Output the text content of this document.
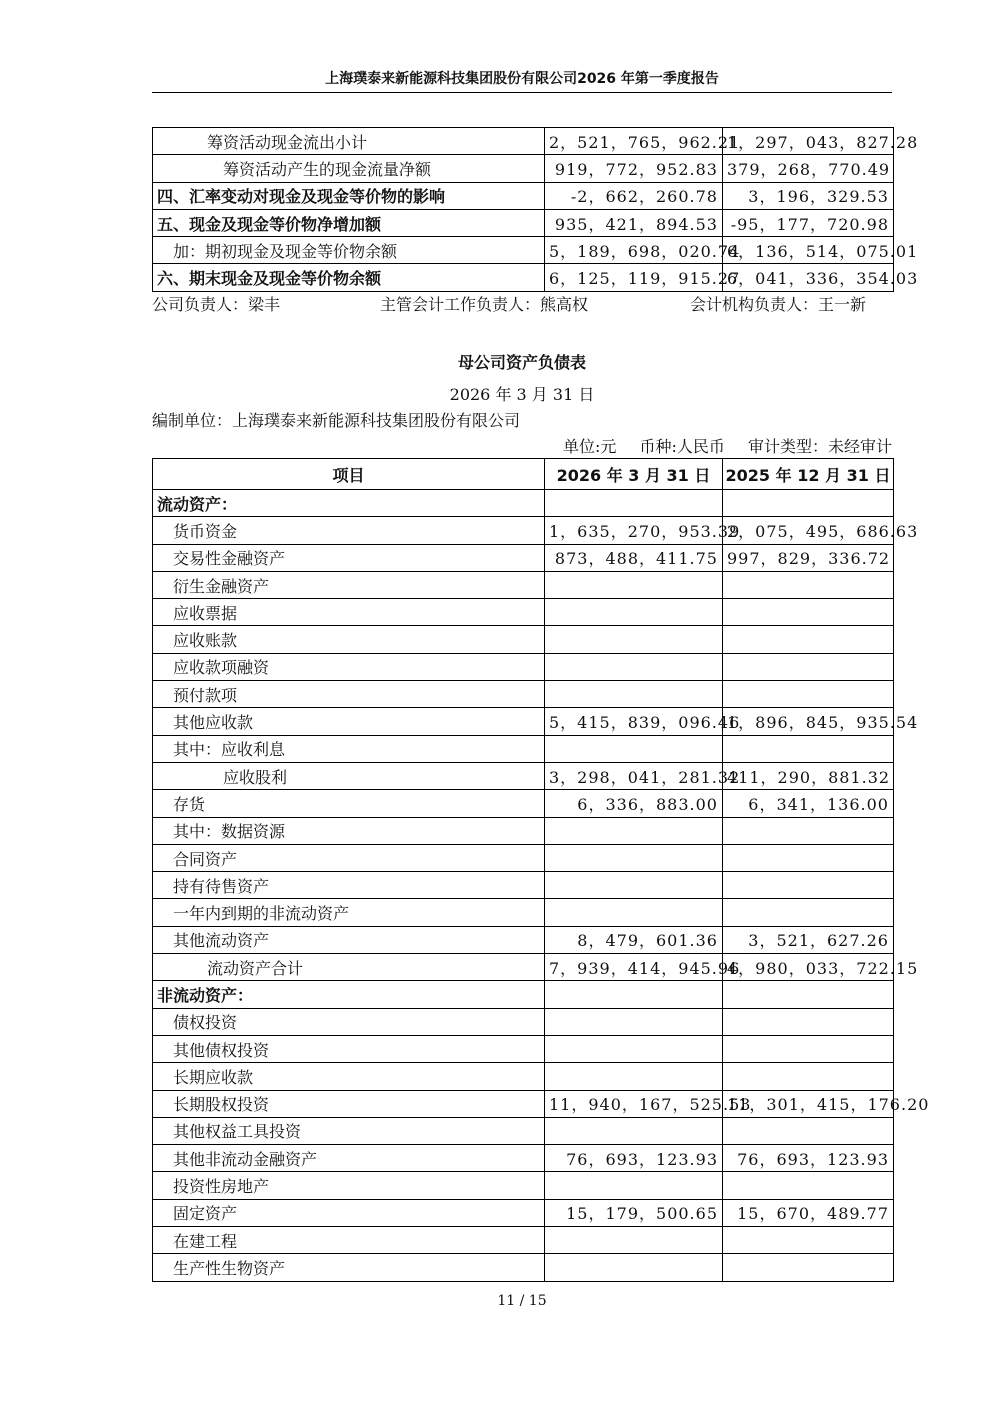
上海璞泰来新能源科技集团股份有限公司2026 年第一季度报告
筹资活动现金流出小计	2，521，765，962.21	1，297，043，827.28
筹资活动产生的现金流量净额	919，772，952.83	379，268，770.49
四、汇率变动对现金及现金等价物的影响	-2，662，260.78	3，196，329.53
五、现金及现金等价物净增加额	935，421，894.53	-95，177，720.98
加：期初现金及现金等价物余额	5，189，698，020.74	6，136，514，075.01
六、期末现金及现金等价物余额	6，125，119，915.27	6，041，336，354.03
公司负责人：梁丰	主管会计工作负责人：熊高权	会计机构负责人：王一新
母公司资产负债表
2026 年 3 月 31 日
编制单位：上海璞泰来新能源科技集团股份有限公司
单位:元 币种:人民币 审计类型：未经审计
项目	2026 年 3 月 31 日	2025 年 12 月 31 日
流动资产：		
货币资金	1，635，270，953.39	2，075，495，686.63
交易性金融资产	873，488，411.75	997，829，336.72
衍生金融资产		
应收票据		
应收账款		
应收款项融资		
预付款项		
其他应收款	5，415，839，096.46	1，896，845，935.54
其中：应收利息		
应收股利	3，298，041，281.32	411，290，881.32
存货	6，336，883.00	6，341，136.00
其中：数据资源		
合同资产		
持有待售资产		
一年内到期的非流动资产		
其他流动资产	8，479，601.36	3，521，627.26
流动资产合计	7，939，414，945.96	4，980，033，722.15
非流动资产：		
债权投资		
其他债权投资		
长期应收款		
长期股权投资	11，940，167，525.53	11，301，415，176.20
其他权益工具投资		
其他非流动金融资产	76，693，123.93	76，693，123.93
投资性房地产		
固定资产	15，179，500.65	15，670，489.77
在建工程		
生产性生物资产		
11 / 15
